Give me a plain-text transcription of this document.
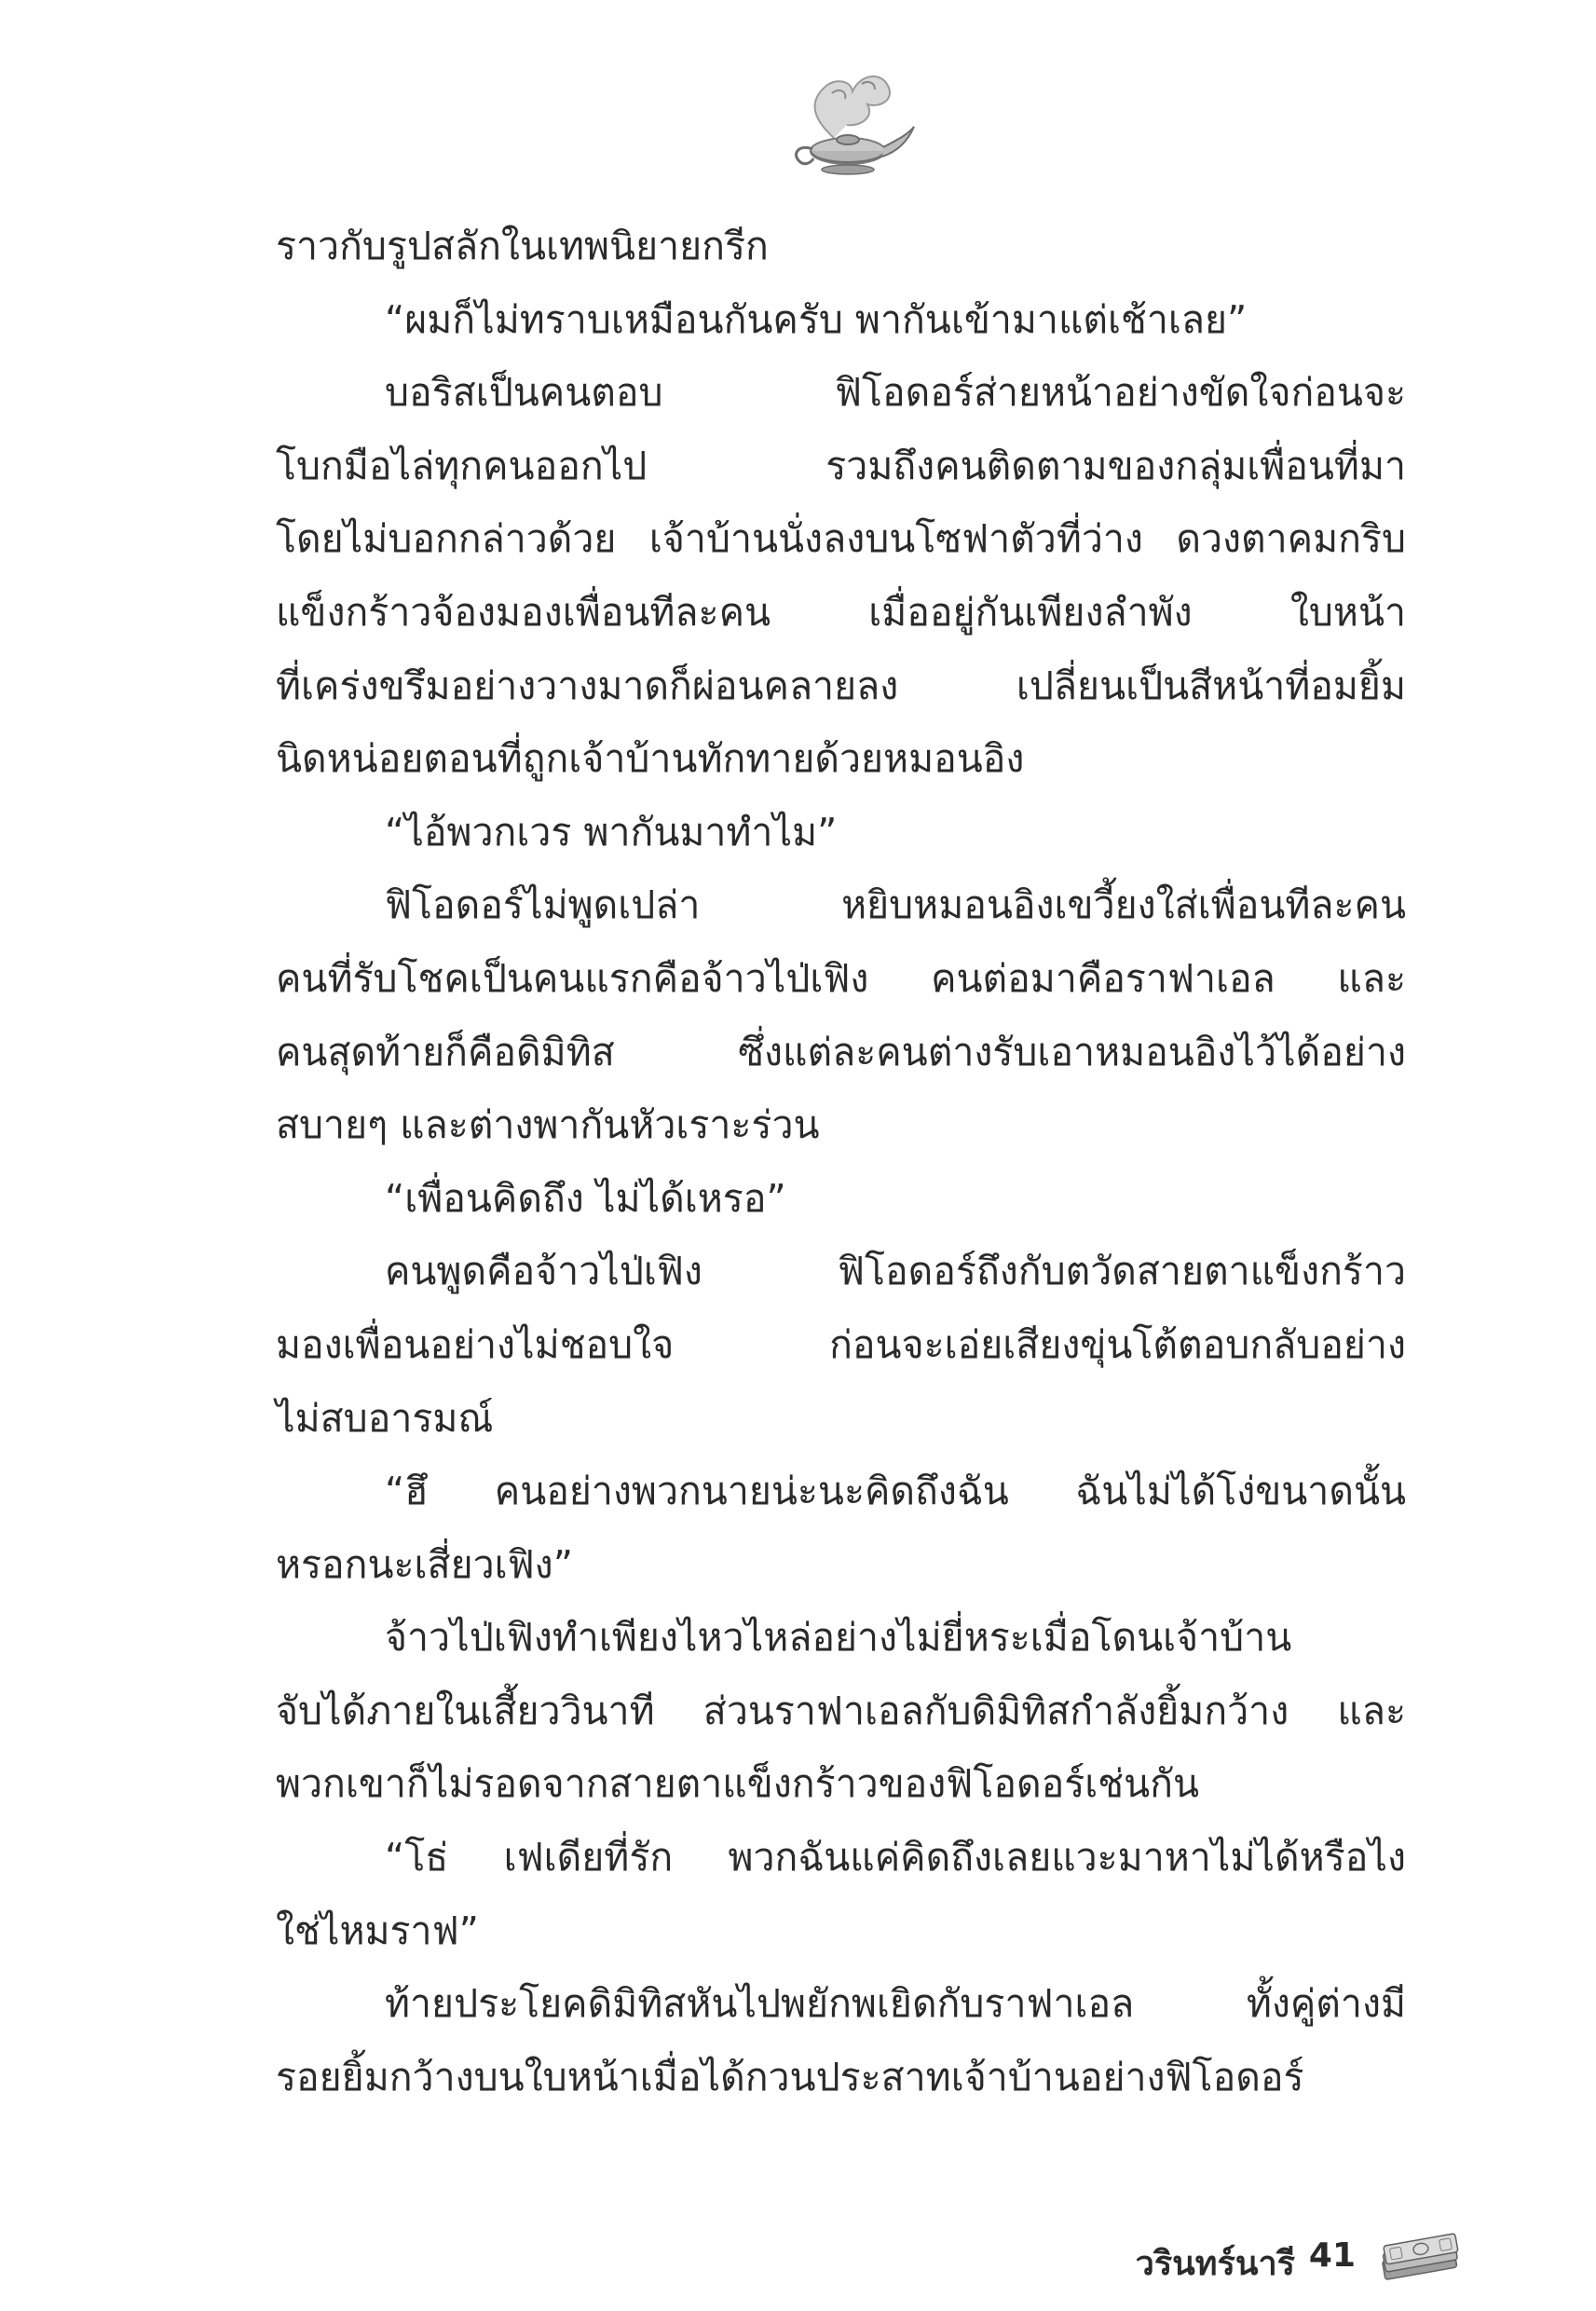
ราวกับรูปสลักในเทพนิยายกรีก
“ผมก็ไม่ทราบเหมือนกันครับ พากันเข้ามาแต่เช้าเลย”
บอริสเป็นคนตอบ ฟิโอดอร์ส่ายหน้าอย่างขัดใจก่อนจะ
โบกมือไล่ทุกคนออกไป รวมถึงคนติดตามของกลุ่มเพื่อนที่มา
โดยไม่บอกกล่าวด้วย เจ้าบ้านนั่งลงบนโซฟาตัวที่ว่าง ดวงตาคมกริบ
แข็งกร้าวจ้องมองเพื่อนทีละคน เมื่ออยู่กันเพียงลำพัง ใบหน้า
ที่เคร่งขรึมอย่างวางมาดก็ผ่อนคลายลง เปลี่ยนเป็นสีหน้าที่อมยิ้ม
นิดหน่อยตอนที่ถูกเจ้าบ้านทักทายด้วยหมอนอิง
“ไอ้พวกเวร พากันมาทำไม”
ฟิโอดอร์ไม่พูดเปล่า หยิบหมอนอิงเขวี้ยงใส่เพื่อนทีละคน
คนที่รับโชคเป็นคนแรกคือจ้าวไป่เฟิง คนต่อมาคือราฟาเอล และ
คนสุดท้ายก็คือดิมิทิส ซึ่งแต่ละคนต่างรับเอาหมอนอิงไว้ได้อย่าง
สบายๆ และต่างพากันหัวเราะร่วน
“เพื่อนคิดถึง ไม่ได้เหรอ”
คนพูดคือจ้าวไป่เฟิง ฟิโอดอร์ถึงกับตวัดสายตาแข็งกร้าว
มองเพื่อนอย่างไม่ชอบใจ ก่อนจะเอ่ยเสียงขุ่นโต้ตอบกลับอย่าง
ไม่สบอารมณ์
“ฮึ คนอย่างพวกนายน่ะนะคิดถึงฉัน ฉันไม่ได้โง่ขนาดนั้น
หรอกนะเสี่ยวเฟิง”
จ้าวไป่เฟิงทำเพียงไหวไหล่อย่างไม่ยี่หระเมื่อโดนเจ้าบ้าน
จับได้ภายในเสี้ยววินาที ส่วนราฟาเอลกับดิมิทิสกำลังยิ้มกว้าง และ
พวกเขาก็ไม่รอดจากสายตาแข็งกร้าวของฟิโอดอร์เช่นกัน
“โธ่ เฟเดียที่รัก พวกฉันแค่คิดถึงเลยแวะมาหาไม่ได้หรือไง
ใช่ไหมราฟ”
ท้ายประโยคดิมิทิสหันไปพยักพเยิดกับราฟาเอล ทั้งคู่ต่างมี
รอยยิ้มกว้างบนใบหน้าเมื่อได้กวนประสาทเจ้าบ้านอย่างฟิโอดอร์
วรินทร์นารี 41
